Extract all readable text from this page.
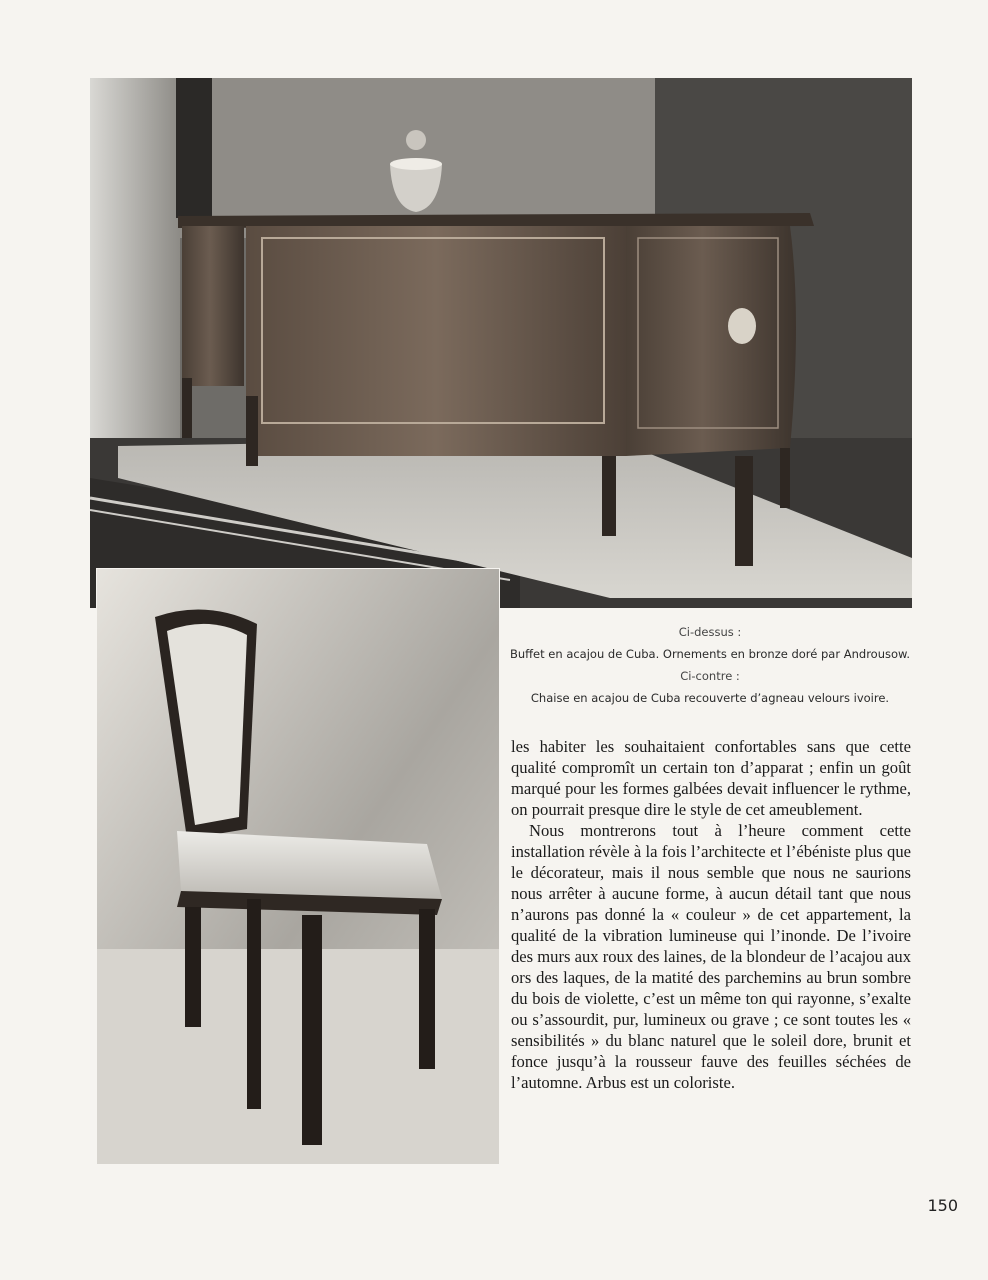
Ci-dessus :
Buffet en acajou de Cuba. Ornements en bronze doré par Androusow.
Ci-contre :
Chaise en acajou de Cuba recouverte d’agneau velours ivoire.

les habiter les souhaitaient confortables sans que cette qualité compromît un certain ton d’apparat ; enfin un goût marqué pour les formes galbées devait influencer le rythme, on pourrait presque dire le style de cet ameublement.

Nous montrerons tout à l’heure comment cette installation révèle à la fois l’architecte et l’ébéniste plus que le décorateur, mais il nous semble que nous ne saurions nous arrêter à aucune forme, à aucun détail tant que nous n’aurons pas donné la « couleur » de cet appartement, la qualité de la vibration lumineuse qui l’inonde. De l’ivoire des murs aux roux des laines, de la blondeur de l’acajou aux ors des laques, de la matité des parchemins au brun sombre du bois de violette, c’est un même ton qui rayonne, s’exalte ou s’assourdit, pur, lumineux ou grave ; ce sont toutes les « sensibilités » du blanc naturel que le soleil dore, brunit et fonce jusqu’à la rousseur fauve des feuilles séchées de l’automne. Arbus est un coloriste.

150
